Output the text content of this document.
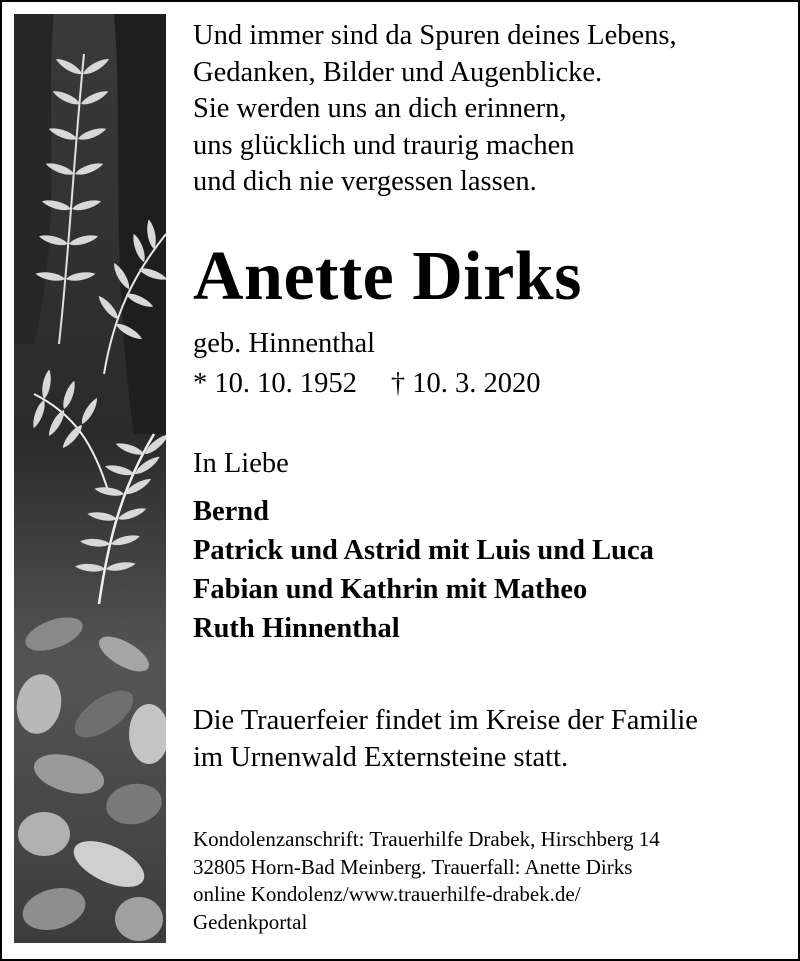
Und immer sind da Spuren deines Lebens,
Gedanken, Bilder und Augenblicke.
Sie werden uns an dich erinnern,
uns glücklich und traurig machen
und dich nie vergessen lassen.
Anette Dirks
geb. Hinnenthal
* 10. 10. 1952 † 10. 3. 2020
In Liebe
Bernd
Patrick und Astrid mit Luis und Luca
Fabian und Kathrin mit Matheo
Ruth Hinnenthal
Die Trauerfeier findet im Kreise der Familie
im Urnenwald Externsteine statt.
Kondolenzanschrift: Trauerhilfe Drabek, Hirschberg 14
32805 Horn-Bad Meinberg. Trauerfall: Anette Dirks
online Kondolenz/www.trauerhilfe-drabek.de/
Gedenkportal
